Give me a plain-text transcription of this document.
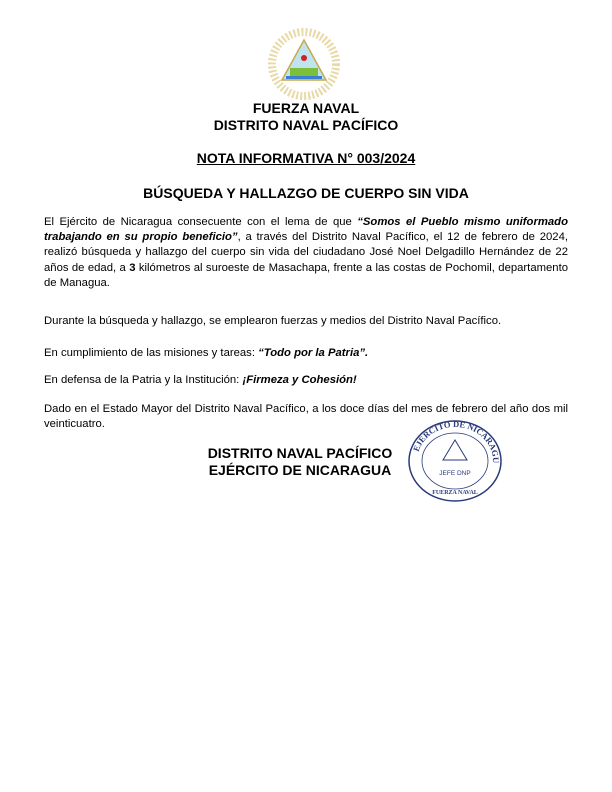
FUERZA NAVAL
DISTRITO NAVAL PACÍFICO
NOTA INFORMATIVA N° 003/2024
BÚSQUEDA Y HALLAZGO DE CUERPO SIN VIDA
El Ejército de Nicaragua consecuente con el lema de que “Somos el Pueblo mismo uniformado trabajando en su propio beneficio”, a través del Distrito Naval Pacífico, el 12 de febrero de 2024, realizó búsqueda y hallazgo del cuerpo sin vida del ciudadano José Noel Delgadillo Hernández de 22 años de edad, a 3 kilómetros al suroeste de Masachapa, frente a las costas de Pochomil, departamento de Managua.
Durante la búsqueda y hallazgo, se emplearon fuerzas y medios del Distrito Naval Pacífico.
En cumplimiento de las misiones y tareas: “Todo por la Patria”.
En defensa de la Patria y la Institución: ¡Firmeza y Cohesión!
Dado en el Estado Mayor del Distrito Naval Pacífico, a los doce días del mes de febrero del año dos mil veinticuatro.
DISTRITO NAVAL PACÍFICO
EJÉRCITO DE NICARAGUA
EJÉRCITO DE NICARAGU
JEFE DNP
FUERZA NAVAL
